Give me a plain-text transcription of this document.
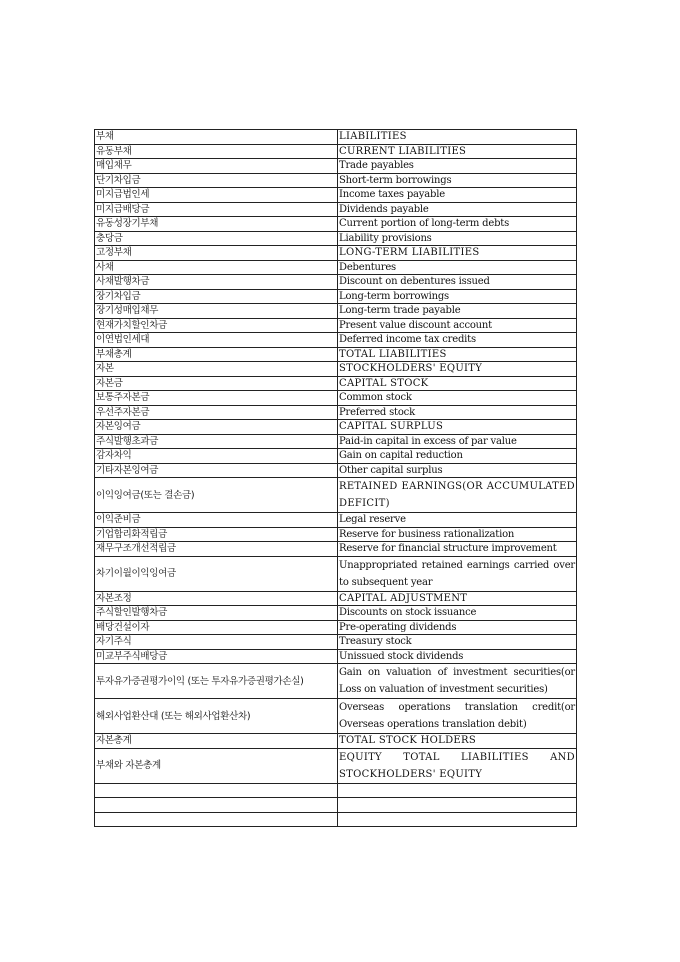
부채	LIABILITIES
유동부채	CURRENT LIABILITIES
매입채무	Trade payables
단기차입금	Short-term borrowings
미지급법인세	Income taxes payable
미지급배당금	Dividends payable
유동성장기부채	Current portion of long-term debts
충당금	Liability provisions
고정부채	LONG-TERM LIABILITIES
사채	Debentures
사채발행차금	Discount on debentures issued
장기차입금	Long-term borrowings
장기성매입채무	Long-term trade payable
현재가치할인차금	Present value discount account
이연법인세대	Deferred income tax credits
부채총계	TOTAL LIABILITIES
자본	STOCKHOLDERS' EQUITY
자본금	CAPITAL STOCK
보통주자본금	Common stock
우선주자본금	Preferred stock
자본잉여금	CAPITAL SURPLUS
주식발행초과금	Paid-in capital in excess of par value
감자차익	Gain on capital reduction
기타자본잉여금	Other capital surplus
이익잉여금(또는 결손금)	RETAINED EARNINGS(OR ACCUMULATED DEFICIT)
이익준비금	Legal reserve
기업합리화적립금	Reserve for business rationalization
재무구조개선적립금	Reserve for financial structure improvement
차기이월이익잉여금	Unappropriated retained earnings carried over to subsequent year
자본조정	CAPITAL ADJUSTMENT
주식할인발행차금	Discounts on stock issuance
배당건설이자	Pre-operating dividends
자기주식	Treasury stock
미교부주식배당금	Unissued stock dividends
투자유가증권평가이익 (또는 투자유가증권평가손실)	Gain on valuation of investment securities(or Loss on valuation of investment securities)
해외사업환산대 (또는 해외사업환산차)	Overseas operations translation credit(or Overseas operations translation debit)
자본총계	TOTAL STOCK HOLDERS
부채와 자본총계	EQUITY TOTAL LIABILITIES AND STOCKHOLDERS' EQUITY
